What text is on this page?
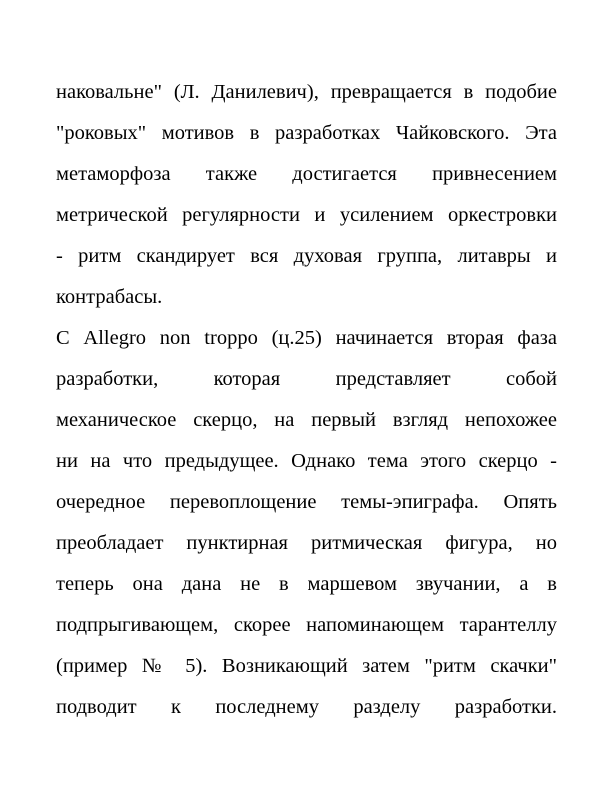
наковальне" (Л. Данилевич), превращается в подобие
"роковых" мотивов в разработках Чайковского. Эта
метаморфоза также достигается привнесением
метрической регулярности и усилением оркестровки
- ритм скандирует вся духовая группа, литавры и
контрабасы.
С Allegro non troppo (ц.25) начинается вторая фаза
разработки, которая представляет собой
механическое скерцо, на первый взгляд непохожее
ни на что предыдущее. Однако тема этого скерцо -
очередное перевоплощение темы-эпиграфа. Опять
преобладает пунктирная ритмическая фигура, но
теперь она дана не в маршевом звучании, а в
подпрыгивающем, скорее напоминающем тарантеллу
(пример № 5). Возникающий затем "ритм скачки"
подводит к последнему разделу разработки.
